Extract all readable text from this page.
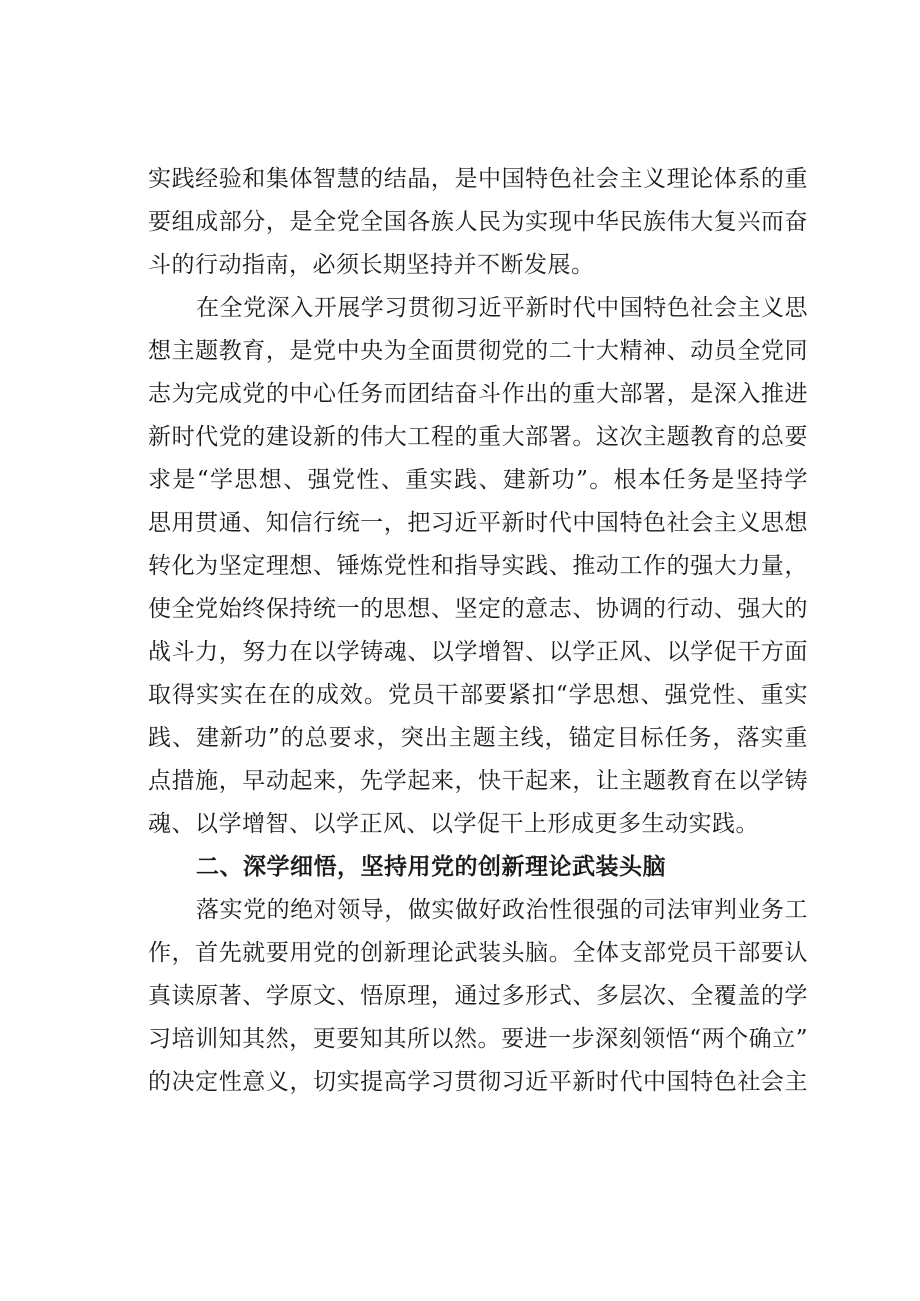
实践经验和集体智慧的结晶，是中国特色社会主义理论体系的重
要组成部分，是全党全国各族人民为实现中华民族伟大复兴而奋
斗的行动指南，必须长期坚持并不断发展。
在全党深入开展学习贯彻习近平新时代中国特色社会主义思
想主题教育，是党中央为全面贯彻党的二十大精神、动员全党同
志为完成党的中心任务而团结奋斗作出的重大部署，是深入推进
新时代党的建设新的伟大工程的重大部署。这次主题教育的总要
求是“学思想、强党性、重实践、建新功”。根本任务是坚持学
思用贯通、知信行统一，把习近平新时代中国特色社会主义思想
转化为坚定理想、锤炼党性和指导实践、推动工作的强大力量，
使全党始终保持统一的思想、坚定的意志、协调的行动、强大的
战斗力，努力在以学铸魂、以学增智、以学正风、以学促干方面
取得实实在在的成效。党员干部要紧扣“学思想、强党性、重实
践、建新功”的总要求，突出主题主线，锚定目标任务，落实重
点措施，早动起来，先学起来，快干起来，让主题教育在以学铸
魂、以学增智、以学正风、以学促干上形成更多生动实践。
二、深学细悟，坚持用党的创新理论武装头脑
落实党的绝对领导，做实做好政治性很强的司法审判业务工
作，首先就要用党的创新理论武装头脑。全体支部党员干部要认
真读原著、学原文、悟原理，通过多形式、多层次、全覆盖的学
习培训知其然，更要知其所以然。要进一步深刻领悟“两个确立”
的决定性意义，切实提高学习贯彻习近平新时代中国特色社会主
